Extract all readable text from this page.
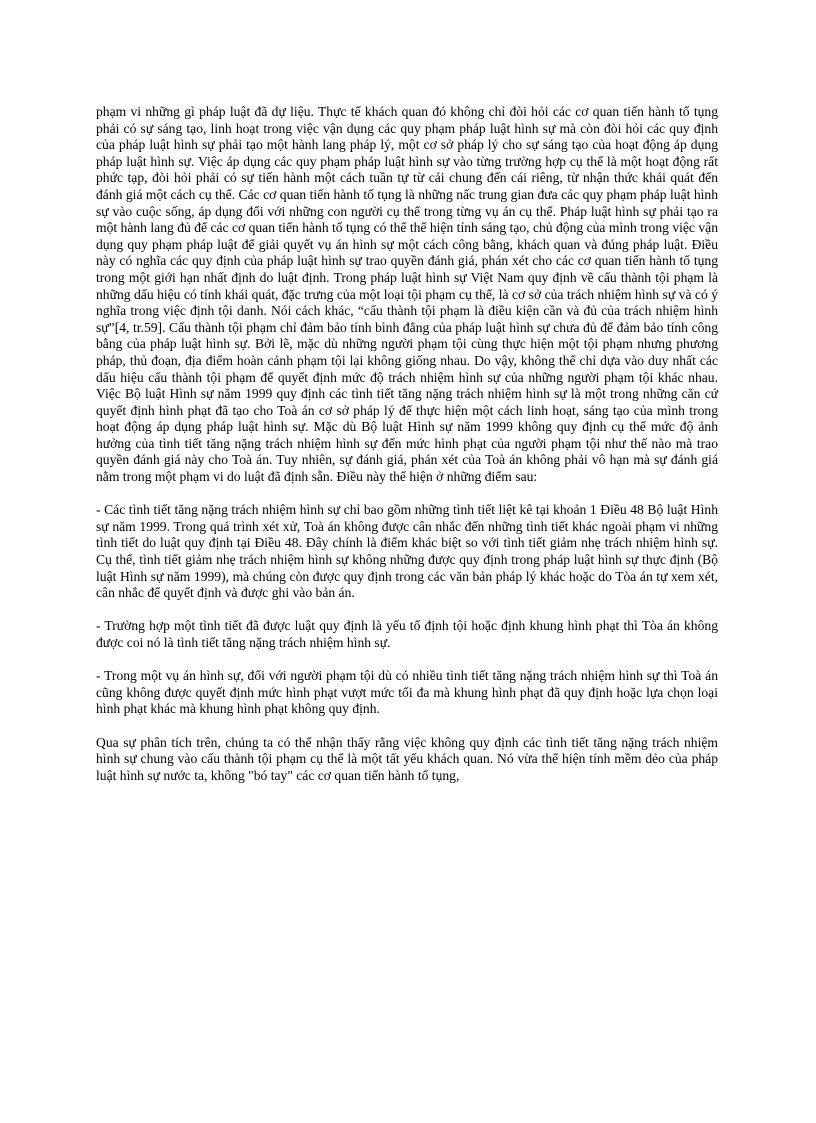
phạm vi những gì pháp luật đã dự liệu. Thực tế khách quan đó không chỉ đòi hỏi các cơ quan tiến hành tố tụng phải có sự sáng tạo, linh hoạt trong việc vận dụng các quy phạm pháp luật hình sự mà còn đòi hỏi các quy định của pháp luật hình sự phải tạo một hành lang pháp lý, một cơ sở pháp lý cho sự sáng tạo của hoạt động áp dụng pháp luật hình sự. Việc áp dụng các quy phạm pháp luật hình sự vào từng trường hợp cụ thể là một hoạt động rất phức tạp, đòi hỏi phải có sự tiến hành một cách tuần tự từ cái chung đến cái riêng, từ nhận thức khái quát đến đánh giá một cách cụ thể. Các cơ quan tiến hành tố tụng là những nấc trung gian đưa các quy phạm pháp luật hình sự vào cuộc sống, áp dụng đối với những con người cụ thể trong từng vụ án cụ thể. Pháp luật hình sự phải tạo ra một hành lang đủ để các cơ quan tiến hành tố tụng có thể thể hiện tính sáng tạo, chủ động của mình trong việc vận dụng quy phạm pháp luật để giải quyết vụ án hình sự một cách công bằng, khách quan và đúng pháp luật. Điều này có nghĩa các quy định của pháp luật hình sự trao quyền đánh giá, phán xét cho các cơ quan tiến hành tố tụng trong một giới hạn nhất định do luật định. Trong pháp luật hình sự Việt Nam quy định về cấu thành tội phạm là những dấu hiệu có tính khái quát, đặc trưng của một loại tội phạm cụ thể, là cơ sở của trách nhiệm hình sự và có ý nghĩa trong việc định tội danh. Nói cách khác, “cấu thành tội phạm là điều kiện cần và đủ của trách nhiệm hình sự”[4, tr.59]. Cấu thành tội phạm chỉ đảm bảo tính bình đẳng của pháp luật hình sự chưa đủ để đảm bảo tính công bằng của pháp luật hình sự. Bởi lẽ, mặc dù những người phạm tội cùng thực hiện một tội phạm nhưng phương pháp, thủ đoạn, địa điểm hoàn cảnh phạm tội lại không giống nhau. Do vậy, không thể chỉ dựa vào duy nhất các dấu hiệu cấu thành tội phạm để quyết định mức độ trách nhiệm hình sự của những người phạm tội khác nhau. Việc Bộ luật Hình sự năm 1999 quy định các tình tiết tăng nặng trách nhiệm hình sự là một trong những căn cứ quyết định hình phạt đã tạo cho Toà án cơ sở pháp lý để thực hiện một cách linh hoạt, sáng tạo của mình trong hoạt động áp dụng pháp luật hình sự. Mặc dù Bộ luật Hình sự năm 1999 không quy định cụ thể mức độ ảnh hưởng của tình tiết tăng nặng trách nhiệm hình sự đến mức hình phạt của người phạm tội như thế nào mà trao quyền đánh giá này cho Toà án. Tuy nhiên, sự đánh giá, phán xét của Toà án không phải vô hạn mà sự đánh giá nằm trong một phạm vi do luật đã định sẵn. Điều này thể hiện ở những điểm sau:

- Các tình tiết tăng nặng trách nhiệm hình sự chỉ bao gồm những tình tiết liệt kê tại khoản 1 Điều 48 Bộ luật Hình sự năm 1999. Trong quá trình xét xử, Toà án không được cân nhắc đến những tình tiết khác ngoài phạm vi những tình tiết do luật quy định tại Điều 48. Đây chính là điểm khác biệt so với tình tiết giảm nhẹ trách nhiệm hình sự. Cụ thể, tình tiết giảm nhẹ trách nhiệm hình sự không những được quy định trong pháp luật hình sự thực định (Bộ luật Hình sự năm 1999), mà chúng còn được quy định trong các văn bản pháp lý khác hoặc do Tòa án tự xem xét, cân nhắc để quyết định và được ghi vào bản án.

- Trường hợp một tình tiết đã được luật quy định là yếu tố định tội hoặc định khung hình phạt thì Tòa án không được coi nó là tình tiết tăng nặng trách nhiệm hình sự.

- Trong một vụ án hình sự, đối với người phạm tội dù có nhiều tình tiết tăng nặng trách nhiệm hình sự thì Toà án cũng không được quyết định mức hình phạt vượt mức tối đa mà khung hình phạt đã quy định hoặc lựa chọn loại hình phạt khác mà khung hình phạt không quy định.

Qua sự phân tích trên, chúng ta có thể nhận thấy rằng việc không quy định các tình tiết tăng nặng trách nhiệm hình sự chung vào cấu thành tội phạm cụ thể là một tất yếu khách quan. Nó vừa thể hiện tính mềm dẻo của pháp luật hình sự nước ta, không "bó tay" các cơ quan tiến hành tố tụng,
